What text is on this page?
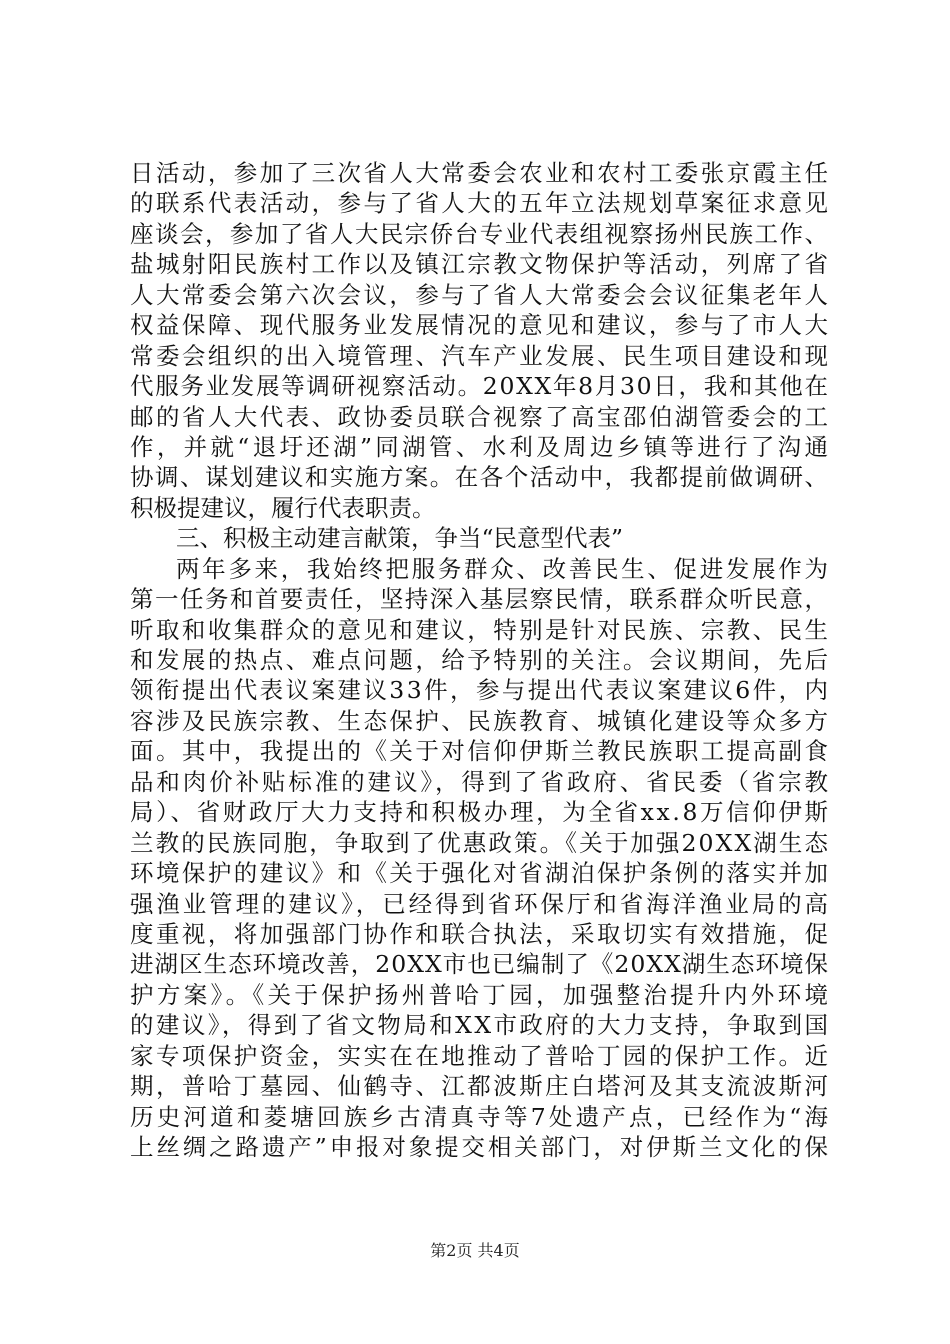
日活动，参加了三次省人大常委会农业和农村工委张京霞主任
的联系代表活动，参与了省人大的五年立法规划草案征求意见
座谈会，参加了省人大民宗侨台专业代表组视察扬州民族工作、
盐城射阳民族村工作以及镇江宗教文物保护等活动，列席了省
人大常委会第六次会议，参与了省人大常委会会议征集老年人
权益保障、现代服务业发展情况的意见和建议，参与了市人大
常委会组织的出入境管理、汽车产业发展、民生项目建设和现
代服务业发展等调研视察活动。20XX年8月30日，我和其他在
邮的省人大代表、政协委员联合视察了高宝邵伯湖管委会的工
作，并就“退圩还湖”同湖管、水利及周边乡镇等进行了沟通
协调、谋划建议和实施方案。在各个活动中，我都提前做调研、
积极提建议，履行代表职责。
三、积极主动建言献策，争当“民意型代表”
两年多来，我始终把服务群众、改善民生、促进发展作为
第一任务和首要责任，坚持深入基层察民情，联系群众听民意，
听取和收集群众的意见和建议，特别是针对民族、宗教、民生
和发展的热点、难点问题，给予特别的关注。会议期间，先后
领衔提出代表议案建议33件，参与提出代表议案建议6件，内
容涉及民族宗教、生态保护、民族教育、城镇化建设等众多方
面。其中，我提出的《关于对信仰伊斯兰教民族职工提高副食
品和肉价补贴标准的建议》，得到了省政府、省民委（省宗教
局）、省财政厅大力支持和积极办理，为全省xx.8万信仰伊斯
兰教的民族同胞，争取到了优惠政策。《关于加强20XX湖生态
环境保护的建议》和《关于强化对省湖泊保护条例的落实并加
强渔业管理的建议》，已经得到省环保厅和省海洋渔业局的高
度重视，将加强部门协作和联合执法，采取切实有效措施，促
进湖区生态环境改善，20XX市也已编制了《20XX湖生态环境保
护方案》。《关于保护扬州普哈丁园，加强整治提升内外环境
的建议》，得到了省文物局和XX市政府的大力支持，争取到国
家专项保护资金，实实在在地推动了普哈丁园的保护工作。近
期，普哈丁墓园、仙鹤寺、江都波斯庄白塔河及其支流波斯河
历史河道和菱塘回族乡古清真寺等7处遗产点，已经作为“海
上丝绸之路遗产”申报对象提交相关部门，对伊斯兰文化的保
第2页 共4页
